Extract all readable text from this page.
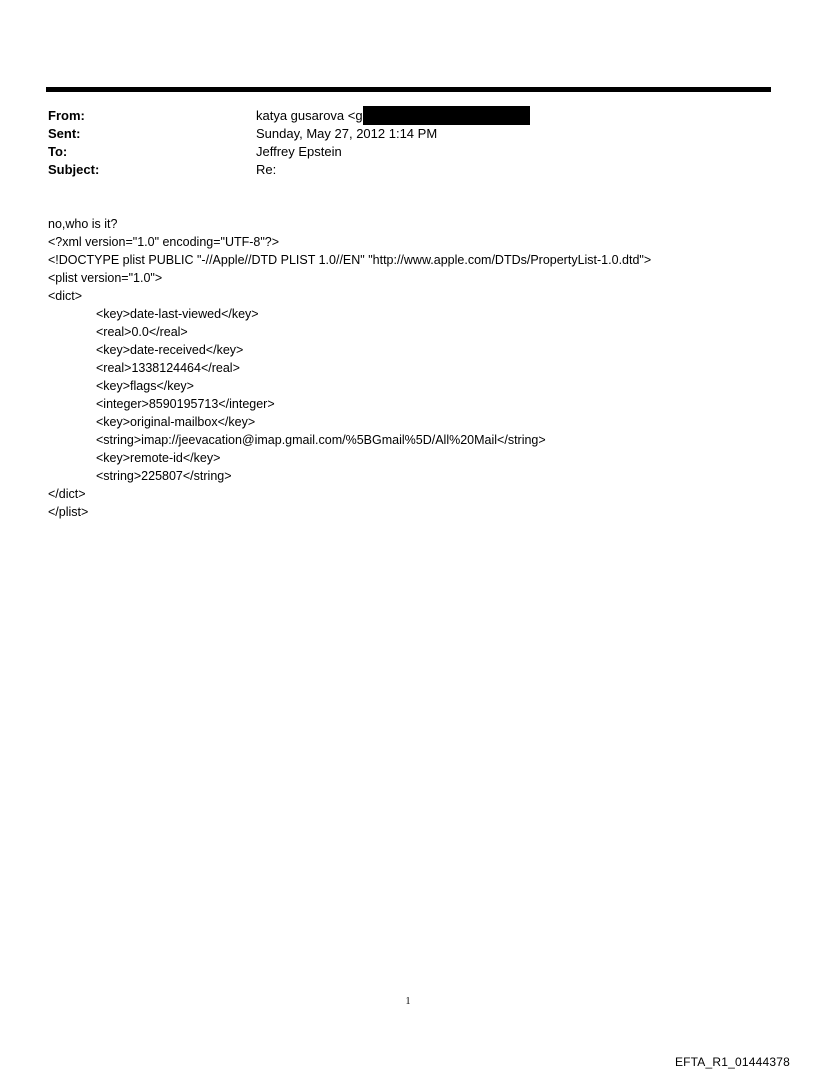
From:	katya gusarova <g
Sent:	Sunday, May 27, 2012 1:14 PM
To:	Jeffrey Epstein
Subject:	Re:
no,who is it?
<?xml version="1.0" encoding="UTF-8"?>
<!DOCTYPE plist PUBLIC "-//Apple//DTD PLIST 1.0//EN" "http://www.apple.com/DTDs/PropertyList-1.0.dtd">
<plist version="1.0">
<dict>
<key>date-last-viewed</key>
<real>0.0</real>
<key>date-received</key>
<real>1338124464</real>
<key>flags</key>
<integer>8590195713</integer>
<key>original-mailbox</key>
<string>imap://jeevacation@imap.gmail.com/%5BGmail%5D/All%20Mail</string>
<key>remote-id</key>
<string>225807</string>
</dict>
</plist>
1
EFTA_R1_01444378
